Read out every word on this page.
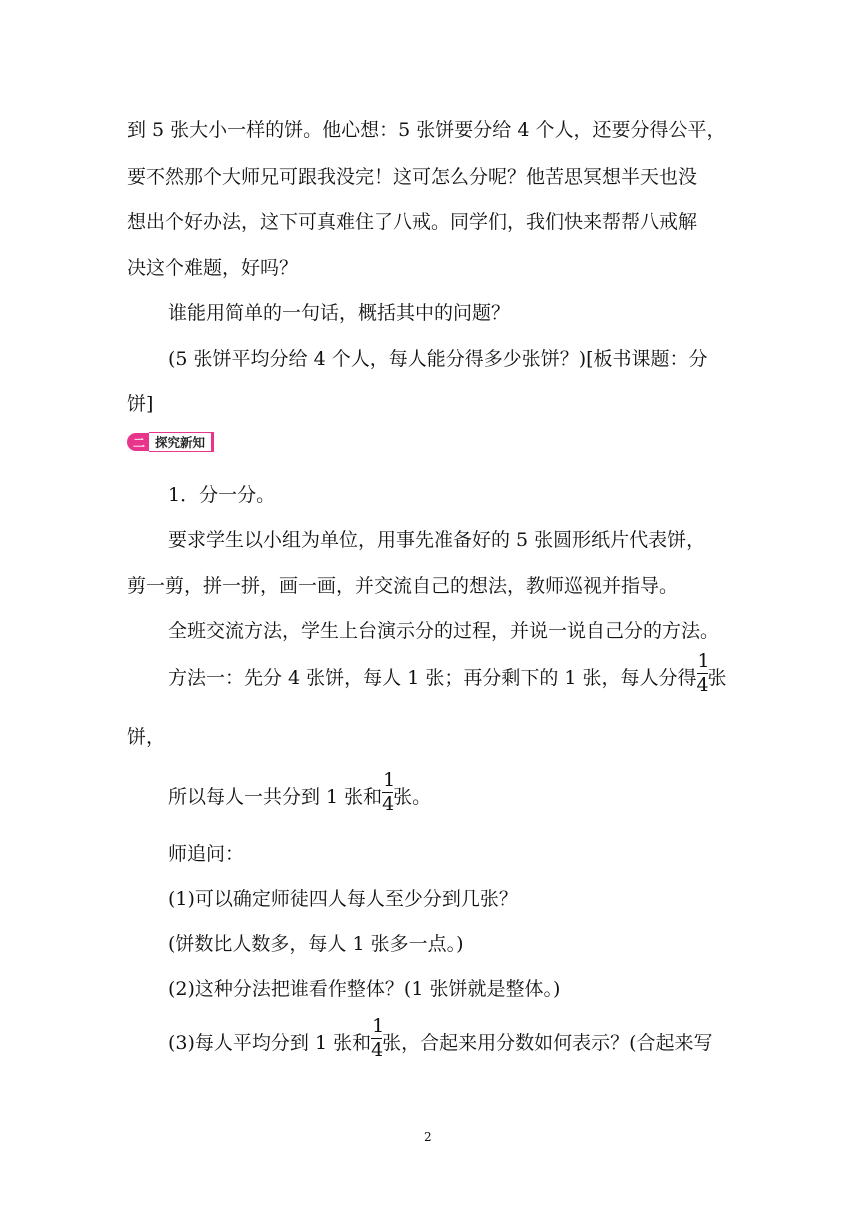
到 5 张大小一样的饼。他心想：5 张饼要分给 4 个人，还要分得公平，
要不然那个大师兄可跟我没完！这可怎么分呢？他苦思冥想半天也没
想出个好办法，这下可真难住了八戒。同学们，我们快来帮帮八戒解
决这个难题，好吗？
谁能用简单的一句话，概括其中的问题？
(5 张饼平均分给 4 个人，每人能分得多少张饼？)[板书课题：分
饼]
二 探究新知
1．分一分。
要求学生以小组为单位，用事先准备好的 5 张圆形纸片代表饼，
剪一剪，拼一拼，画一画，并交流自己的想法，教师巡视并指导。
全班交流方法，学生上台演示分的过程，并说一说自己分的方法。
方法一：先分 4 张饼，每人 1 张；再分剩下的 1 张，每人分得 $\frac{1}{4}$ 张
饼，
所以每人一共分到 1 张和 $\frac{1}{4}$ 张。
师追问：
(1)可以确定师徒四人每人至少分到几张？
(饼数比人数多，每人 1 张多一点。)
(2)这种分法把谁看作整体？(1 张饼就是整体。)
(3)每人平均分到 1 张和 $\frac{1}{4}$ 张，合起来用分数如何表示？(合起来写
2
